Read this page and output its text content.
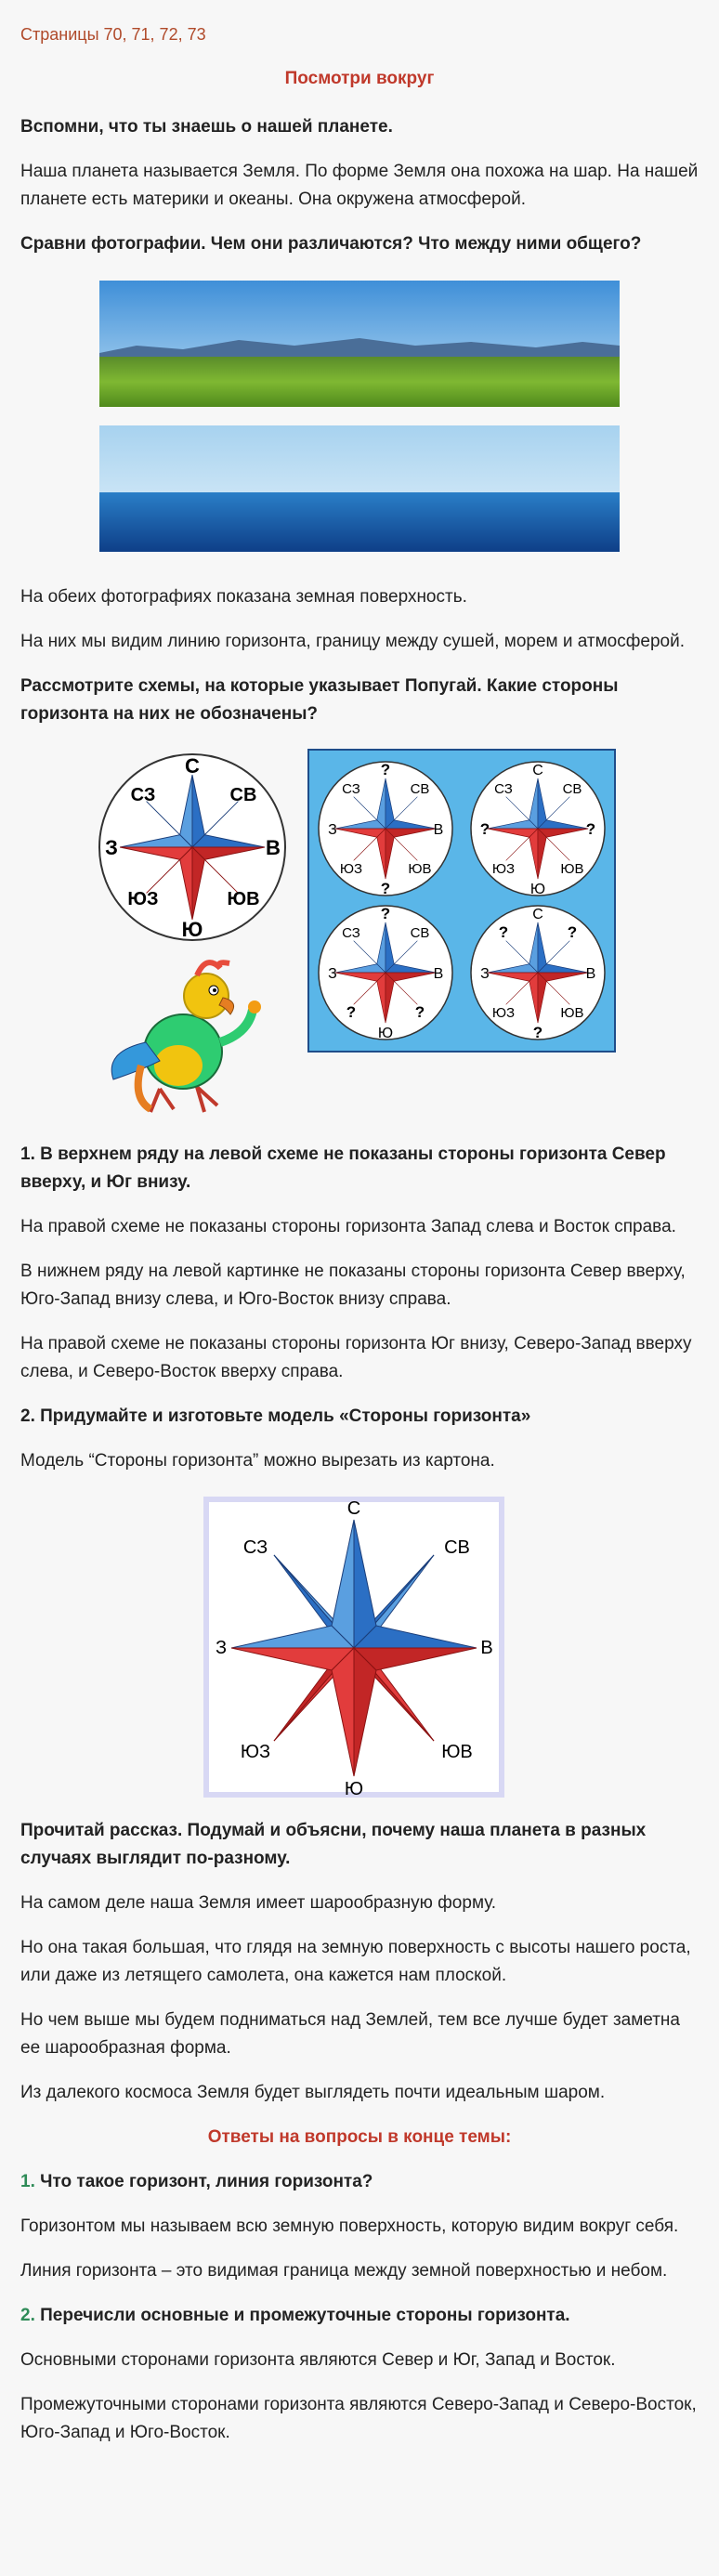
Страницы 70, 71, 72, 73

Посмотри вокруг

Вспомни, что ты знаешь о нашей планете.

Наша планета называется Земля. По форме Земля она похожа на шар. На нашей планете есть материки и океаны. Она окружена атмосферой.

Сравни фотографии. Чем они различаются? Что между ними общего?

На обеих фотографиях показана земная поверхность.

На них мы видим линию горизонта, границу между сушей, морем и атмосферой.

Рассмотрите схемы, на которые указывает Попугай. Какие стороны горизонта на них не обозначены?

С
Ю
З	В
СЗ	СВ
ЮЗ	ЮВ
?
?
З	В
СЗ	СВ
ЮЗ	ЮВ
С
Ю
?	?
СЗ	СВ
ЮЗ	ЮВ
?
Ю
З	В
СЗ	СВ
?	?
С
?
З	В
?	?
ЮЗ	ЮВ

1. В верхнем ряду на левой схеме не показаны стороны горизонта Север вверху, и Юг внизу.

На правой схеме не показаны стороны горизонта Запад слева и Восток справа.

В нижнем ряду на левой картинке не показаны стороны горизонта Север вверху, Юго-Запад внизу слева, и Юго-Восток внизу справа.

На правой схеме не показаны стороны горизонта Юг внизу, Северо-Запад вверху слева, и Северо-Восток вверху справа.

2. Придумайте и изготовьте модель «Стороны горизонта»

Модель “Стороны горизонта” можно вырезать из картона.

С
Ю
З	В
СЗ	СВ
ЮЗ	ЮВ

Прочитай рассказ. Подумай и объясни, почему наша планета в разных случаях выглядит по-разному.

На самом деле наша Земля имеет шарообразную форму.

Но она такая большая, что глядя на земную поверхность с высоты нашего роста, или даже из летящего самолета, она кажется нам плоской.

Но чем выше мы будем подниматься над Землей, тем все лучше будет заметна ее шарообразная форма.

Из далекого космоса Земля будет выглядеть почти идеальным шаром.

Ответы на вопросы в конце темы:

1. Что такое горизонт, линия горизонта?

Горизонтом мы называем всю земную поверхность, которую видим вокруг себя.

Линия горизонта – это видимая граница между земной поверхностью и небом.

2. Перечисли основные и промежуточные стороны горизонта.

Основными сторонами горизонта являются Север и Юг, Запад и Восток.

Промежуточными сторонами горизонта являются Северо-Запад и Северо-Восток, Юго-Запад и Юго-Восток.
